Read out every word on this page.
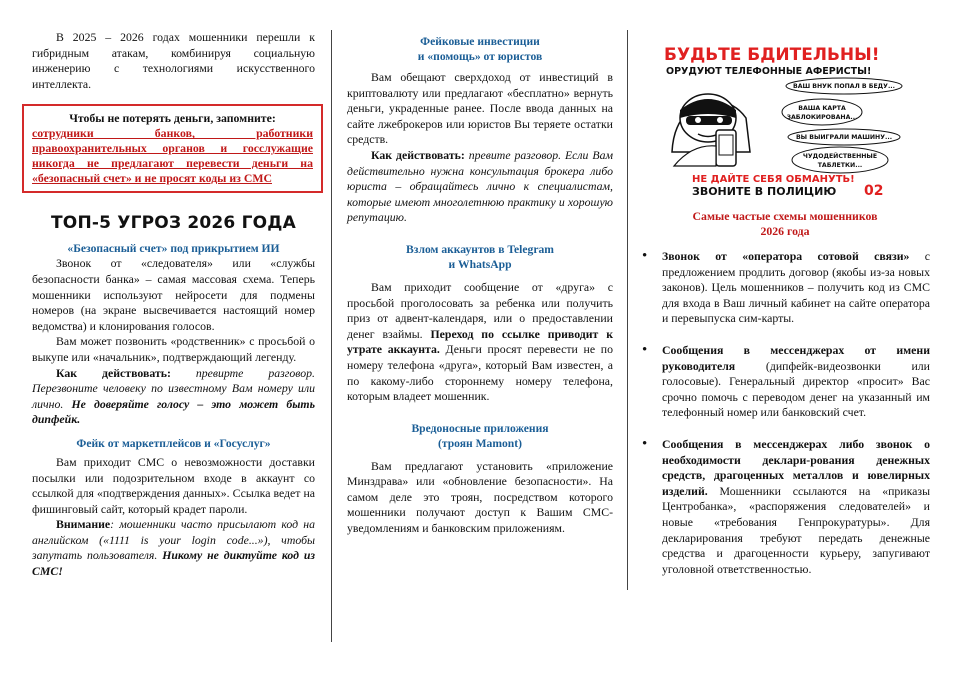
В 2025 – 2026 годах мошенники перешли к гибридным атакам, комбинируя социальную инженерию с технологиями искусственного интеллекта.

Чтобы не потерять деньги, запомните:
сотрудники банков, работники правоохранительных органов и госслужащие никогда не предлагают перевести деньги на «безопасный счет» и не просят коды из СМС
ТОП-5 УГРОЗ 2026 ГОДА
«Безопасный счет» под прикрытием ИИ

Звонок от «следователя» или «службы безопасности банка» – самая массовая схема. Теперь мошенники используют нейросети для подмены номеров (на экране высвечивается настоящий номер ведомства) и клонирования голосов.

Вам может позвонить «родственник» с просьбой о выкупе или «начальник», подтверждающий легенду.

Как действовать: превирте разговор. Перезвоните человеку по известному Вам номеру или лично. Не доверяйте голосу – это может быть дипфейк.

Фейк от маркетплейсов и «Госуслуг»

Вам приходит СМС о невозможности доставки посылки или подозрительном входе в аккаунт со ссылкой для «подтверждения данных». Ссылка ведет на фишинговый сайт, который крадет пароли.

Внимание: мошенники часто присылают код на английском («1111 is your login code...»), чтобы запутать пользователя. Никому не диктуйте код из СМС!

Фейковые инвестиции
и «помощь» от юристов

Вам обещают сверхдоход от инвестиций в криптовалюту или предлагают «бесплатно» вернуть деньги, украденные ранее. После ввода данных на сайте лжеброкеров или юристов Вы теряете остатки средств.

Как действовать: превите разговор. Если Вам действительно нужна консультация брокера либо юриста – обращайтесь лично к специалистам, которые имеют многолетнюю практику и хорошую репутацию.

Взлом аккаунтов в Telegram
и WhatsApp

Вам приходит сообщение от «друга» с просьбой проголосовать за ребенка или получить приз от адвент-календаря, или о предоставлении денег взаймы. Переход по ссылке приводит к утрате аккаунта. Деньги просят перевести не по номеру телефона «друга», который Вам известен, а по какому-либо стороннему номеру телефона, которым владеет мошенник.

Вредоносные приложения
(троян Mamont)

Вам предлагают установить «приложение Минздрава» или «обновление безопасности». На самом деле это троян, посредством которого мошенники получают доступ к Вашим СМС-уведомлениям и банковским приложениям.

БУДЬТЕ БДИТЕЛЬНЫ!
ОРУДУЮТ ТЕЛЕФОННЫЕ АФЕРИСТЫ!
ВАШ ВНУК ПОПАЛ В БЕДУ...
ВАША КАРТА
ЗАБЛОКИРОВАНА...
ВЫ ВЫИГРАЛИ МАШИНУ...
ЧУДОДЕЙСТВЕННЫЕ
ТАБЛЕТКИ...
НЕ ДАЙТЕ СЕБЯ ОБМАНУТЬ!
ЗВОНИТЕ В ПОЛИЦИЮ 02
Самые частые схемы мошенников
2026 года

• Звонок от «оператора сотовой связи» с предложением продлить договор (якобы из-за новых законов). Цель мошенников – получить код из СМС для входа в Ваш личный кабинет на сайте оператора и перевыпуска сим-карты.

• Сообщения в мессенджерах от имени руководителя (дипфейк-видеозвонки или голосовые). Генеральный директор «просит» Вас срочно помочь с переводом денег на указанный им телефонный номер или банковский счет.

• Сообщения в мессенджерах либо звонок о необходимости деклари-рования денежных средств, драгоценных металлов и ювелирных изделий. Мошенники ссылаются на «приказы Центробанка», «распоряжения следователей» и новые «требования Генпрокуратуры». Для декларирования требуют передать денежные средства и драгоценности курьеру, запугивают уголовной ответственностью.
